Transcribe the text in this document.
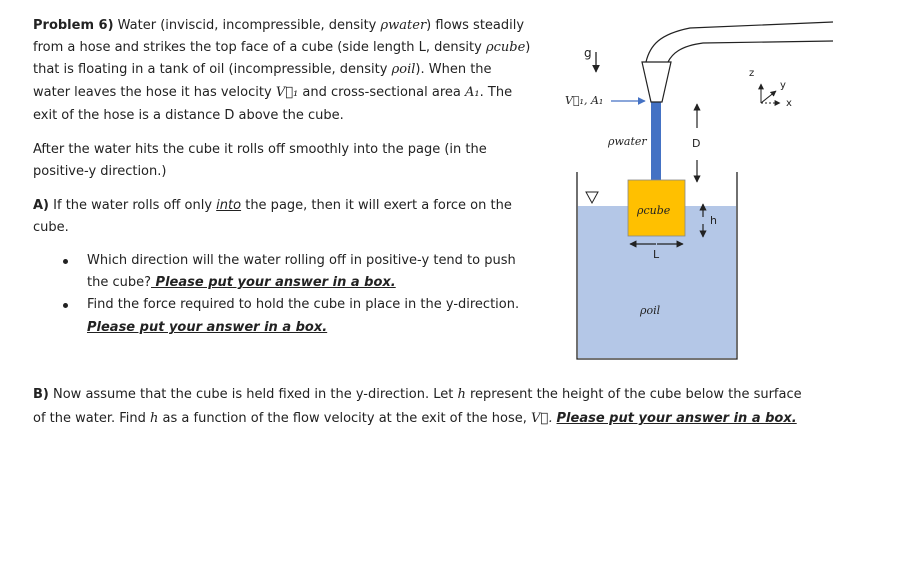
Problem 6) Water (inviscid, incompressible, density ρwater) flows steadily
from a hose and strikes the top face of a cube (side length L, density ρcube)
that is floating in a tank of oil (incompressible, density ρoil). When the
water leaves the hose it has velocity V⃗₁ and cross-sectional area A₁. The
exit of the hose is a distance D above the cube.
After the water hits the cube it rolls off smoothly into the page (in the
positive-y direction.)
A) If the water rolls off only into the page, then it will exert a force on the
cube.
Which direction will the water rolling off in positive-y tend to push
the cube? Please put your answer in a box.
Find the force required to hold the cube in place in the y-direction.
Please put your answer in a box.
B) Now assume that the cube is held fixed in the y-direction. Let h represent the height of the cube below the surface
of the water. Find h as a function of the flow velocity at the exit of the hose, V⃗. Please put your answer in a box.
g
V⃗₁, A₁
ρwater	D
ρcube
h
L
ρoil
z
y
x
